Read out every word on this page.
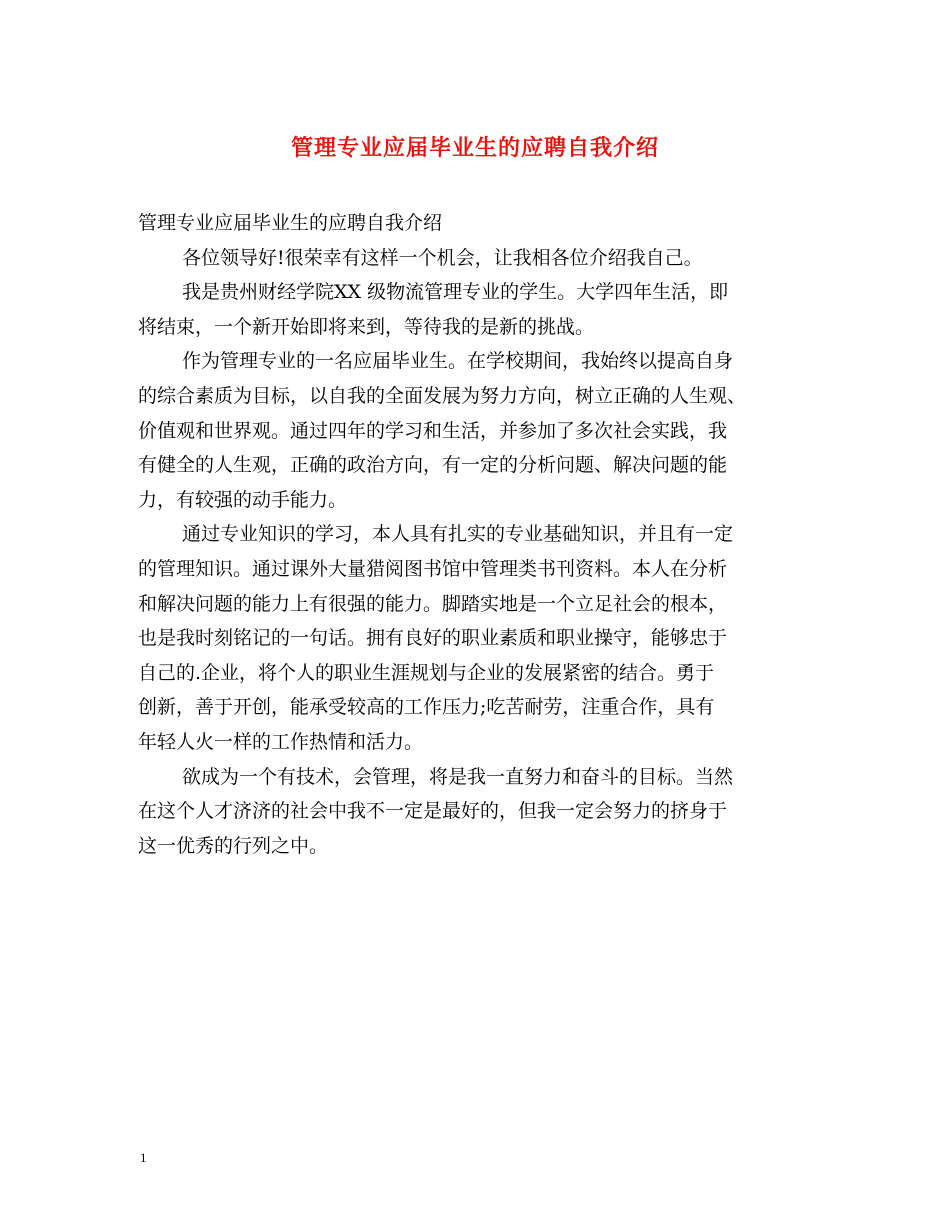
管理专业应届毕业生的应聘自我介绍
管理专业应届毕业生的应聘自我介绍
各位领导好!很荣幸有这样一个机会，让我相各位介绍我自己。
我是贵州财经学院XX 级物流管理专业的学生。大学四年生活，即
将结束，一个新开始即将来到，等待我的是新的挑战。
作为管理专业的一名应届毕业生。在学校期间，我始终以提高自身
的综合素质为目标，以自我的全面发展为努力方向，树立正确的人生观、
价值观和世界观。通过四年的学习和生活，并参加了多次社会实践，我
有健全的人生观，正确的政治方向，有一定的分析问题、解决问题的能
力，有较强的动手能力。
通过专业知识的学习，本人具有扎实的专业基础知识，并且有一定
的管理知识。通过课外大量猎阅图书馆中管理类书刊资料。本人在分析
和解决问题的能力上有很强的能力。脚踏实地是一个立足社会的根本，
也是我时刻铭记的一句话。拥有良好的职业素质和职业操守，能够忠于
自己的.企业，将个人的职业生涯规划与企业的发展紧密的结合。勇于
创新，善于开创，能承受较高的工作压力;吃苦耐劳，注重合作，具有
年轻人火一样的工作热情和活力。
欲成为一个有技术，会管理，将是我一直努力和奋斗的目标。当然
在这个人才济济的社会中我不一定是最好的，但我一定会努力的挤身于
这一优秀的行列之中。
1
